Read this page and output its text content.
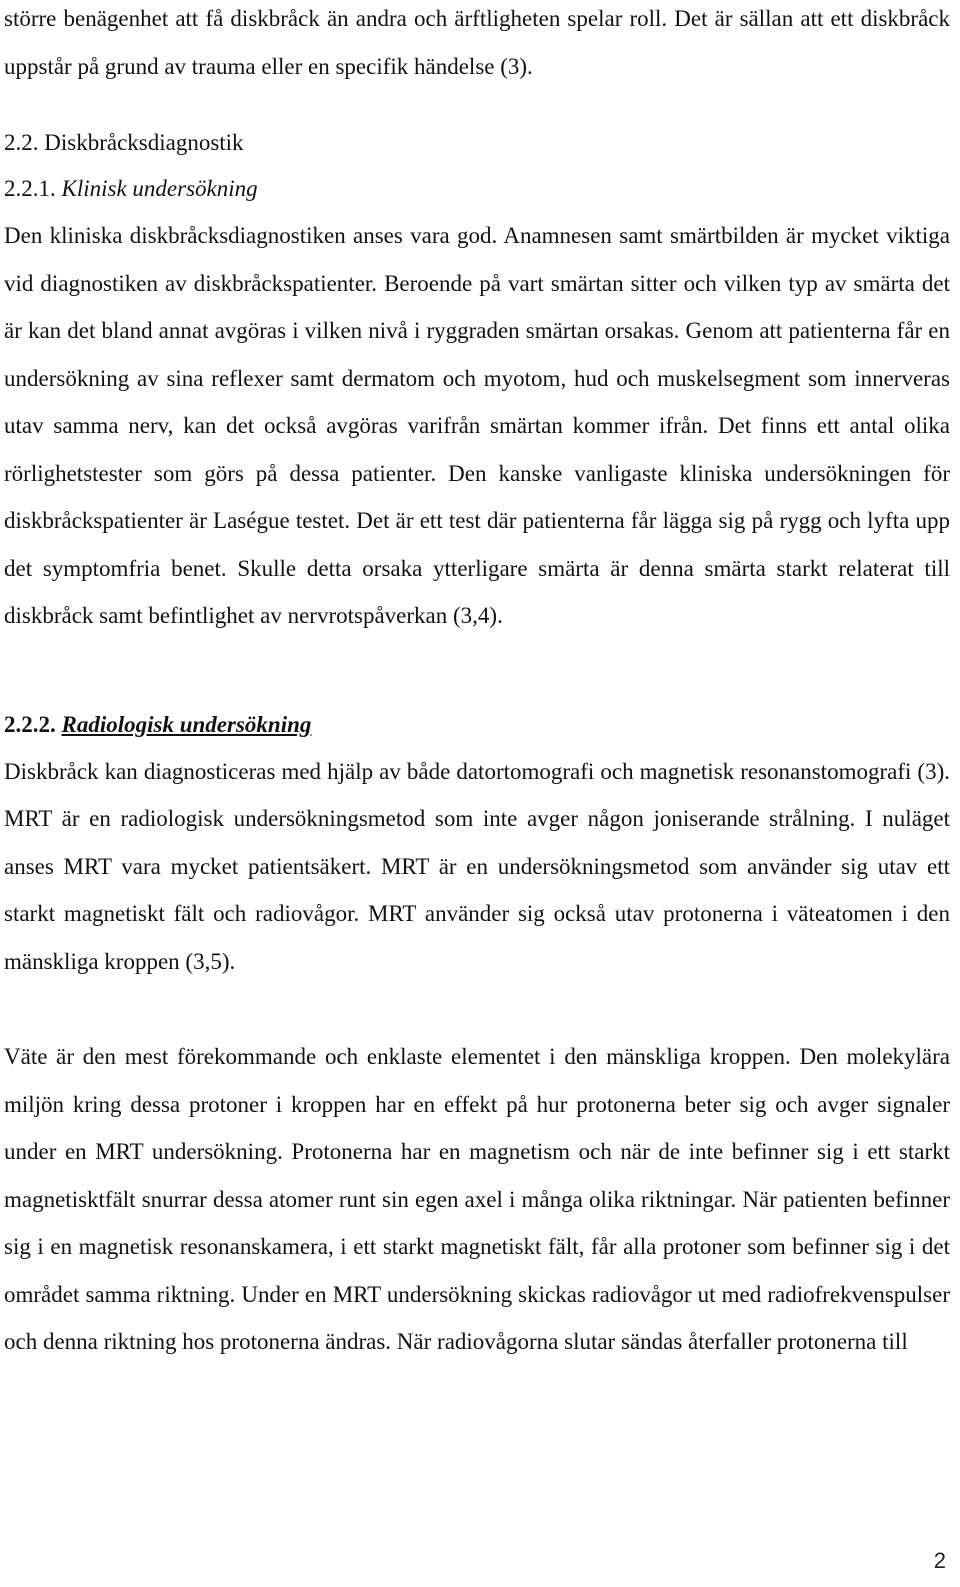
större benägenhet att få diskbråck än andra och ärftligheten spelar roll. Det är sällan att ett diskbråck uppstår på grund av trauma eller en specifik händelse (3).

2.2. Diskbråcksdiagnostik
2.2.1. Klinisk undersökning

Den kliniska diskbråcksdiagnostiken anses vara god. Anamnesen samt smärtbilden är mycket viktiga vid diagnostiken av diskbråckspatienter. Beroende på vart smärtan sitter och vilken typ av smärta det är kan det bland annat avgöras i vilken nivå i ryggraden smärtan orsakas. Genom att patienterna får en undersökning av sina reflexer samt dermatom och myotom, hud och muskelsegment som innerveras utav samma nerv, kan det också avgöras varifrån smärtan kommer ifrån. Det finns ett antal olika rörlighetstester som görs på dessa patienter. Den kanske vanligaste kliniska undersökningen för diskbråckspatienter är Laségue testet. Det är ett test där patienterna får lägga sig på rygg och lyfta upp det symptomfria benet. Skulle detta orsaka ytterligare smärta är denna smärta starkt relaterat till diskbråck samt befintlighet av nervrotspåverkan (3,4).

2.2.2. Radiologisk undersökning

Diskbråck kan diagnosticeras med hjälp av både datortomografi och magnetisk resonanstomografi (3). MRT är en radiologisk undersökningsmetod som inte avger någon joniserande strålning. I nuläget anses MRT vara mycket patientsäkert. MRT är en undersökningsmetod som använder sig utav ett starkt magnetiskt fält och radiovågor. MRT använder sig också utav protonerna i väteatomen i den mänskliga kroppen (3,5).

Väte är den mest förekommande och enklaste elementet i den mänskliga kroppen. Den molekylära miljön kring dessa protoner i kroppen har en effekt på hur protonerna beter sig och avger signaler under en MRT undersökning. Protonerna har en magnetism och när de inte befinner sig i ett starkt magnetisktfält snurrar dessa atomer runt sin egen axel i många olika riktningar. När patienten befinner sig i en magnetisk resonanskamera, i ett starkt magnetiskt fält, får alla protoner som befinner sig i det området samma riktning. Under en MRT undersökning skickas radiovågor ut med radiofrekvenspulser och denna riktning hos protonerna ändras. När radiovågorna slutar sändas återfaller protonerna till

2
